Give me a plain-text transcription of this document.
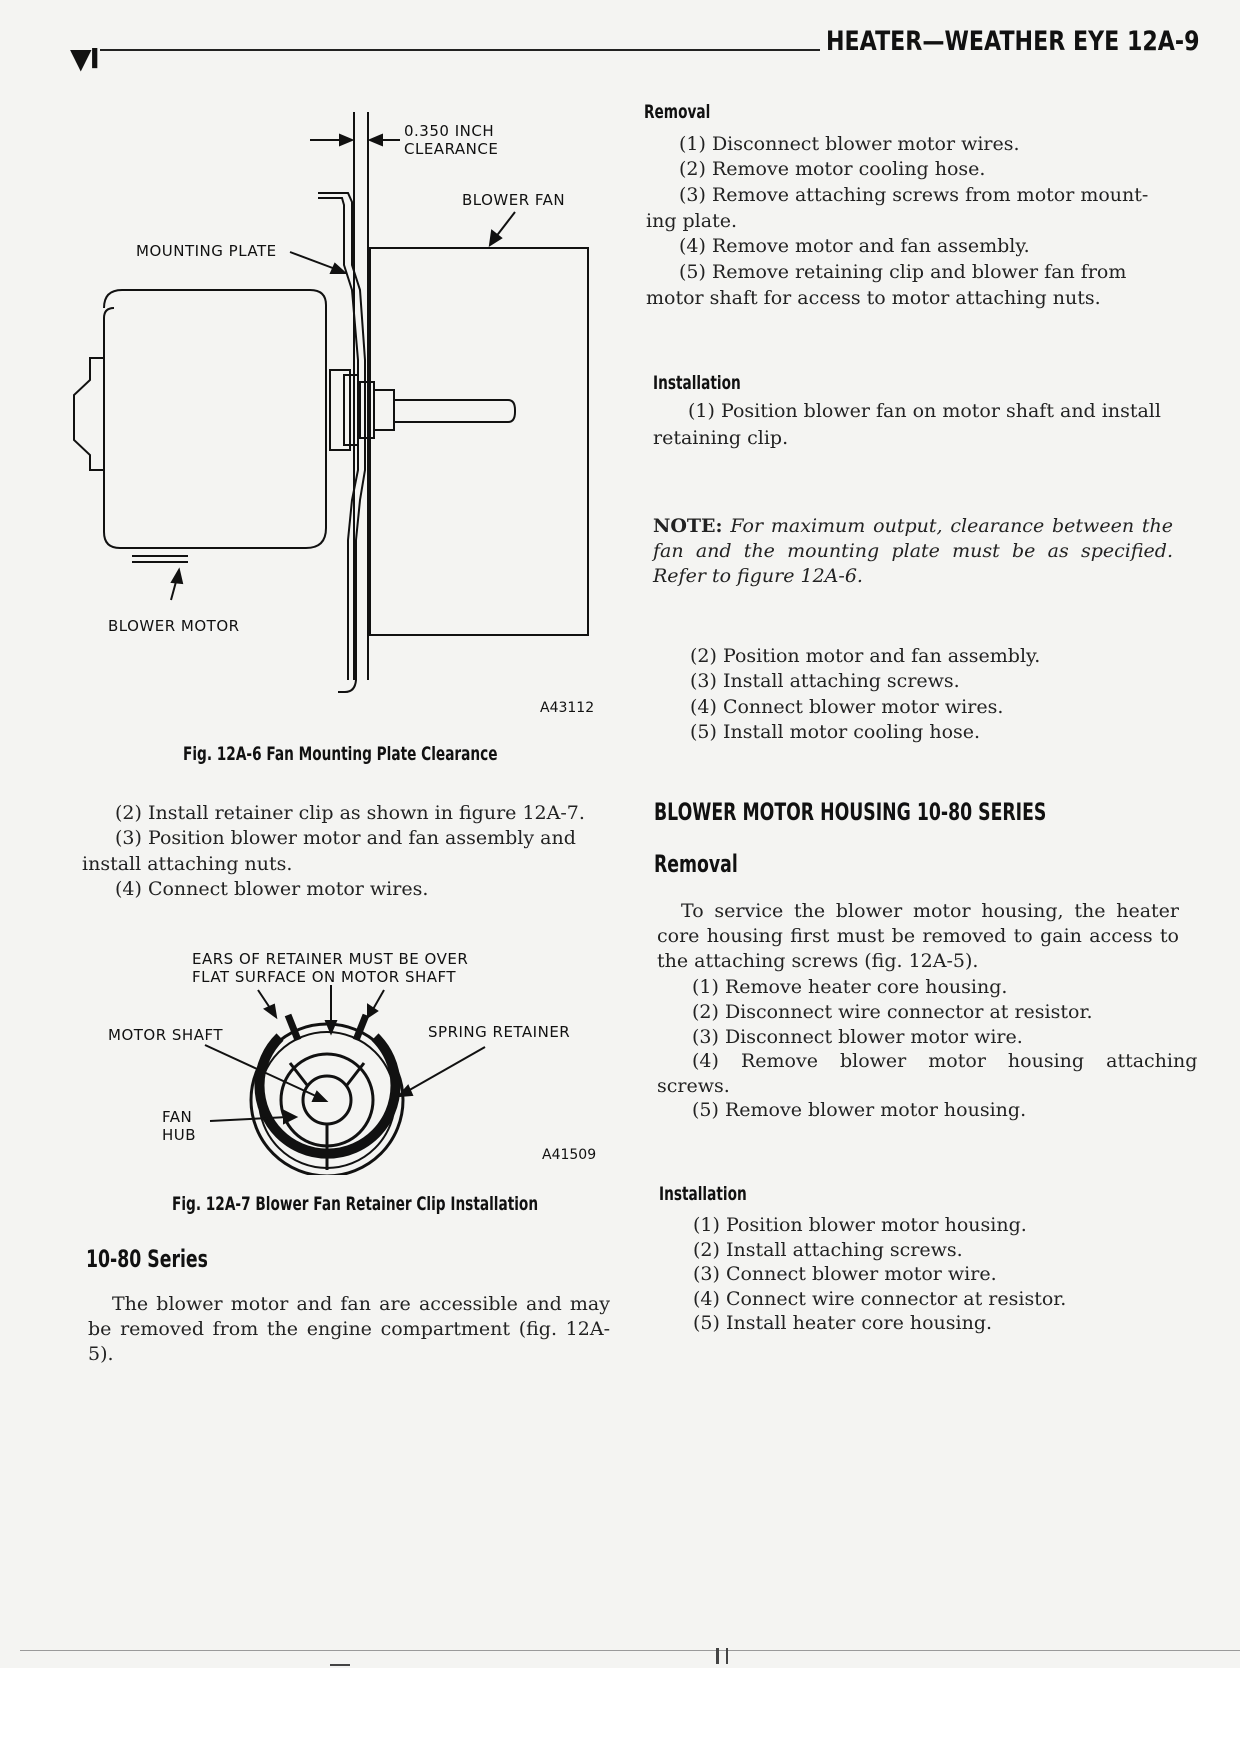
▼I
HEATER—WEATHER EYE 12A-9
0.350 INCH
CLEARANCE
BLOWER FAN
MOUNTING PLATE
BLOWER MOTOR
A43112
Fig. 12A-6 Fan Mounting Plate Clearance
(2) Install retainer clip as shown in figure 12A-7.
(3) Position blower motor and fan assembly and
install attaching nuts.
(4) Connect blower motor wires.
EARS OF RETAINER MUST BE OVER
FLAT SURFACE ON MOTOR SHAFT
MOTOR SHAFT	SPRING RETAINER
FAN
HUB
A41509
Fig. 12A-7 Blower Fan Retainer Clip Installation
10-80 Series
The blower motor and fan are accessible and may be removed from the engine compartment (fig. 12A-5).
Removal
(1) Disconnect blower motor wires.
(2) Remove motor cooling hose.
(3) Remove attaching screws from motor mount-
ing plate.
(4) Remove motor and fan assembly.
(5) Remove retaining clip and blower fan from
motor shaft for access to motor attaching nuts.
Installation
(1) Position blower fan on motor shaft and install
retaining clip.
NOTE: For maximum output, clearance between the fan and the mounting plate must be as specified. Refer to figure 12A-6.
(2) Position motor and fan assembly.
(3) Install attaching screws.
(4) Connect blower motor wires.
(5) Install motor cooling hose.
BLOWER MOTOR HOUSING 10-80 SERIES
Removal
To service the blower motor housing, the heater core housing first must be removed to gain access to the attaching screws (fig. 12A-5).
(1) Remove heater core housing.
(2) Disconnect wire connector at resistor.
(3) Disconnect blower motor wire.
(4) Remove blower motor housing attaching
screws.
(5) Remove blower motor housing.
Installation
(1) Position blower motor housing.
(2) Install attaching screws.
(3) Connect blower motor wire.
(4) Connect wire connector at resistor.
(5) Install heater core housing.
